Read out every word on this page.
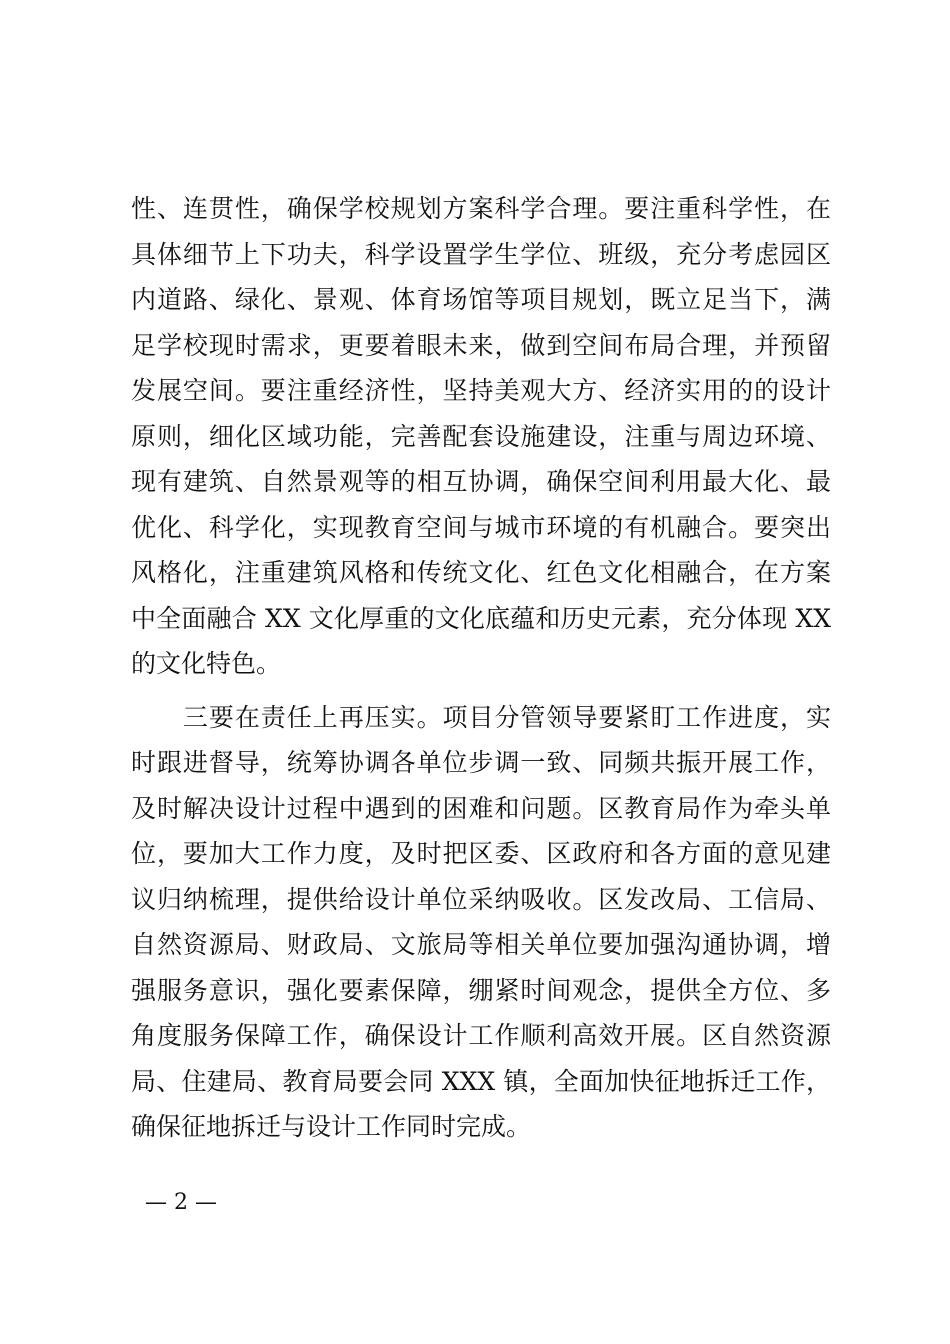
性、连贯性，确保学校规划方案科学合理。要注重科学性，在
具体细节上下功夫，科学设置学生学位、班级，充分考虑园区
内道路、绿化、景观、体育场馆等项目规划，既立足当下，满
足学校现时需求，更要着眼未来，做到空间布局合理，并预留
发展空间。要注重经济性，坚持美观大方、经济实用的的设计
原则，细化区域功能，完善配套设施建设，注重与周边环境、
现有建筑、自然景观等的相互协调，确保空间利用最大化、最
优化、科学化，实现教育空间与城市环境的有机融合。要突出
风格化，注重建筑风格和传统文化、红色文化相融合，在方案
中全面融合 XX 文化厚重的文化底蕴和历史元素，充分体现 XX
的文化特色。
　　三要在责任上再压实。项目分管领导要紧盯工作进度，实
时跟进督导，统筹协调各单位步调一致、同频共振开展工作，
及时解决设计过程中遇到的困难和问题。区教育局作为牵头单
位，要加大工作力度，及时把区委、区政府和各方面的意见建
议归纳梳理，提供给设计单位采纳吸收。区发改局、工信局、
自然资源局、财政局、文旅局等相关单位要加强沟通协调，增
强服务意识，强化要素保障，绷紧时间观念，提供全方位、多
角度服务保障工作，确保设计工作顺利高效开展。区自然资源
局、住建局、教育局要会同 XXX 镇，全面加快征地拆迁工作，
确保征地拆迁与设计工作同时完成。
— 2 —
